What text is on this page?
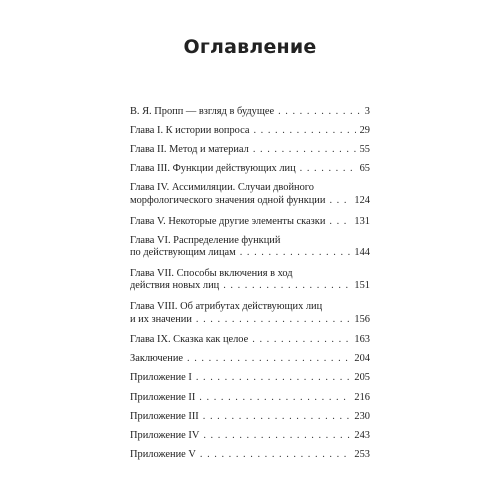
Оглавление
В. Я. Пропп — взгляд в будущее . . .	3
Глава I. К истории вопроса . . .	29
Глава II. Метод и материал . . .	55
Глава III. Функции действующих лиц . . .	65
Глава IV. Ассимиляции. Случаи двойного
морфологического значения одной функции . . .	124
Глава V. Некоторые другие элементы сказки . . .	131
Глава VI. Распределение функций
по действующим лицам . . .	144
Глава VII. Способы включения в ход
действия новых лиц . . .	151
Глава VIII. Об атрибутах действующих лиц
и их значении . . .	156
Глава IX. Сказка как целое . . .	163
Заключение . . .	204
Приложение I . . .	205
Приложение II . . .	216
Приложение III . . .	230
Приложение IV . . .	243
Приложение V . . .	253
